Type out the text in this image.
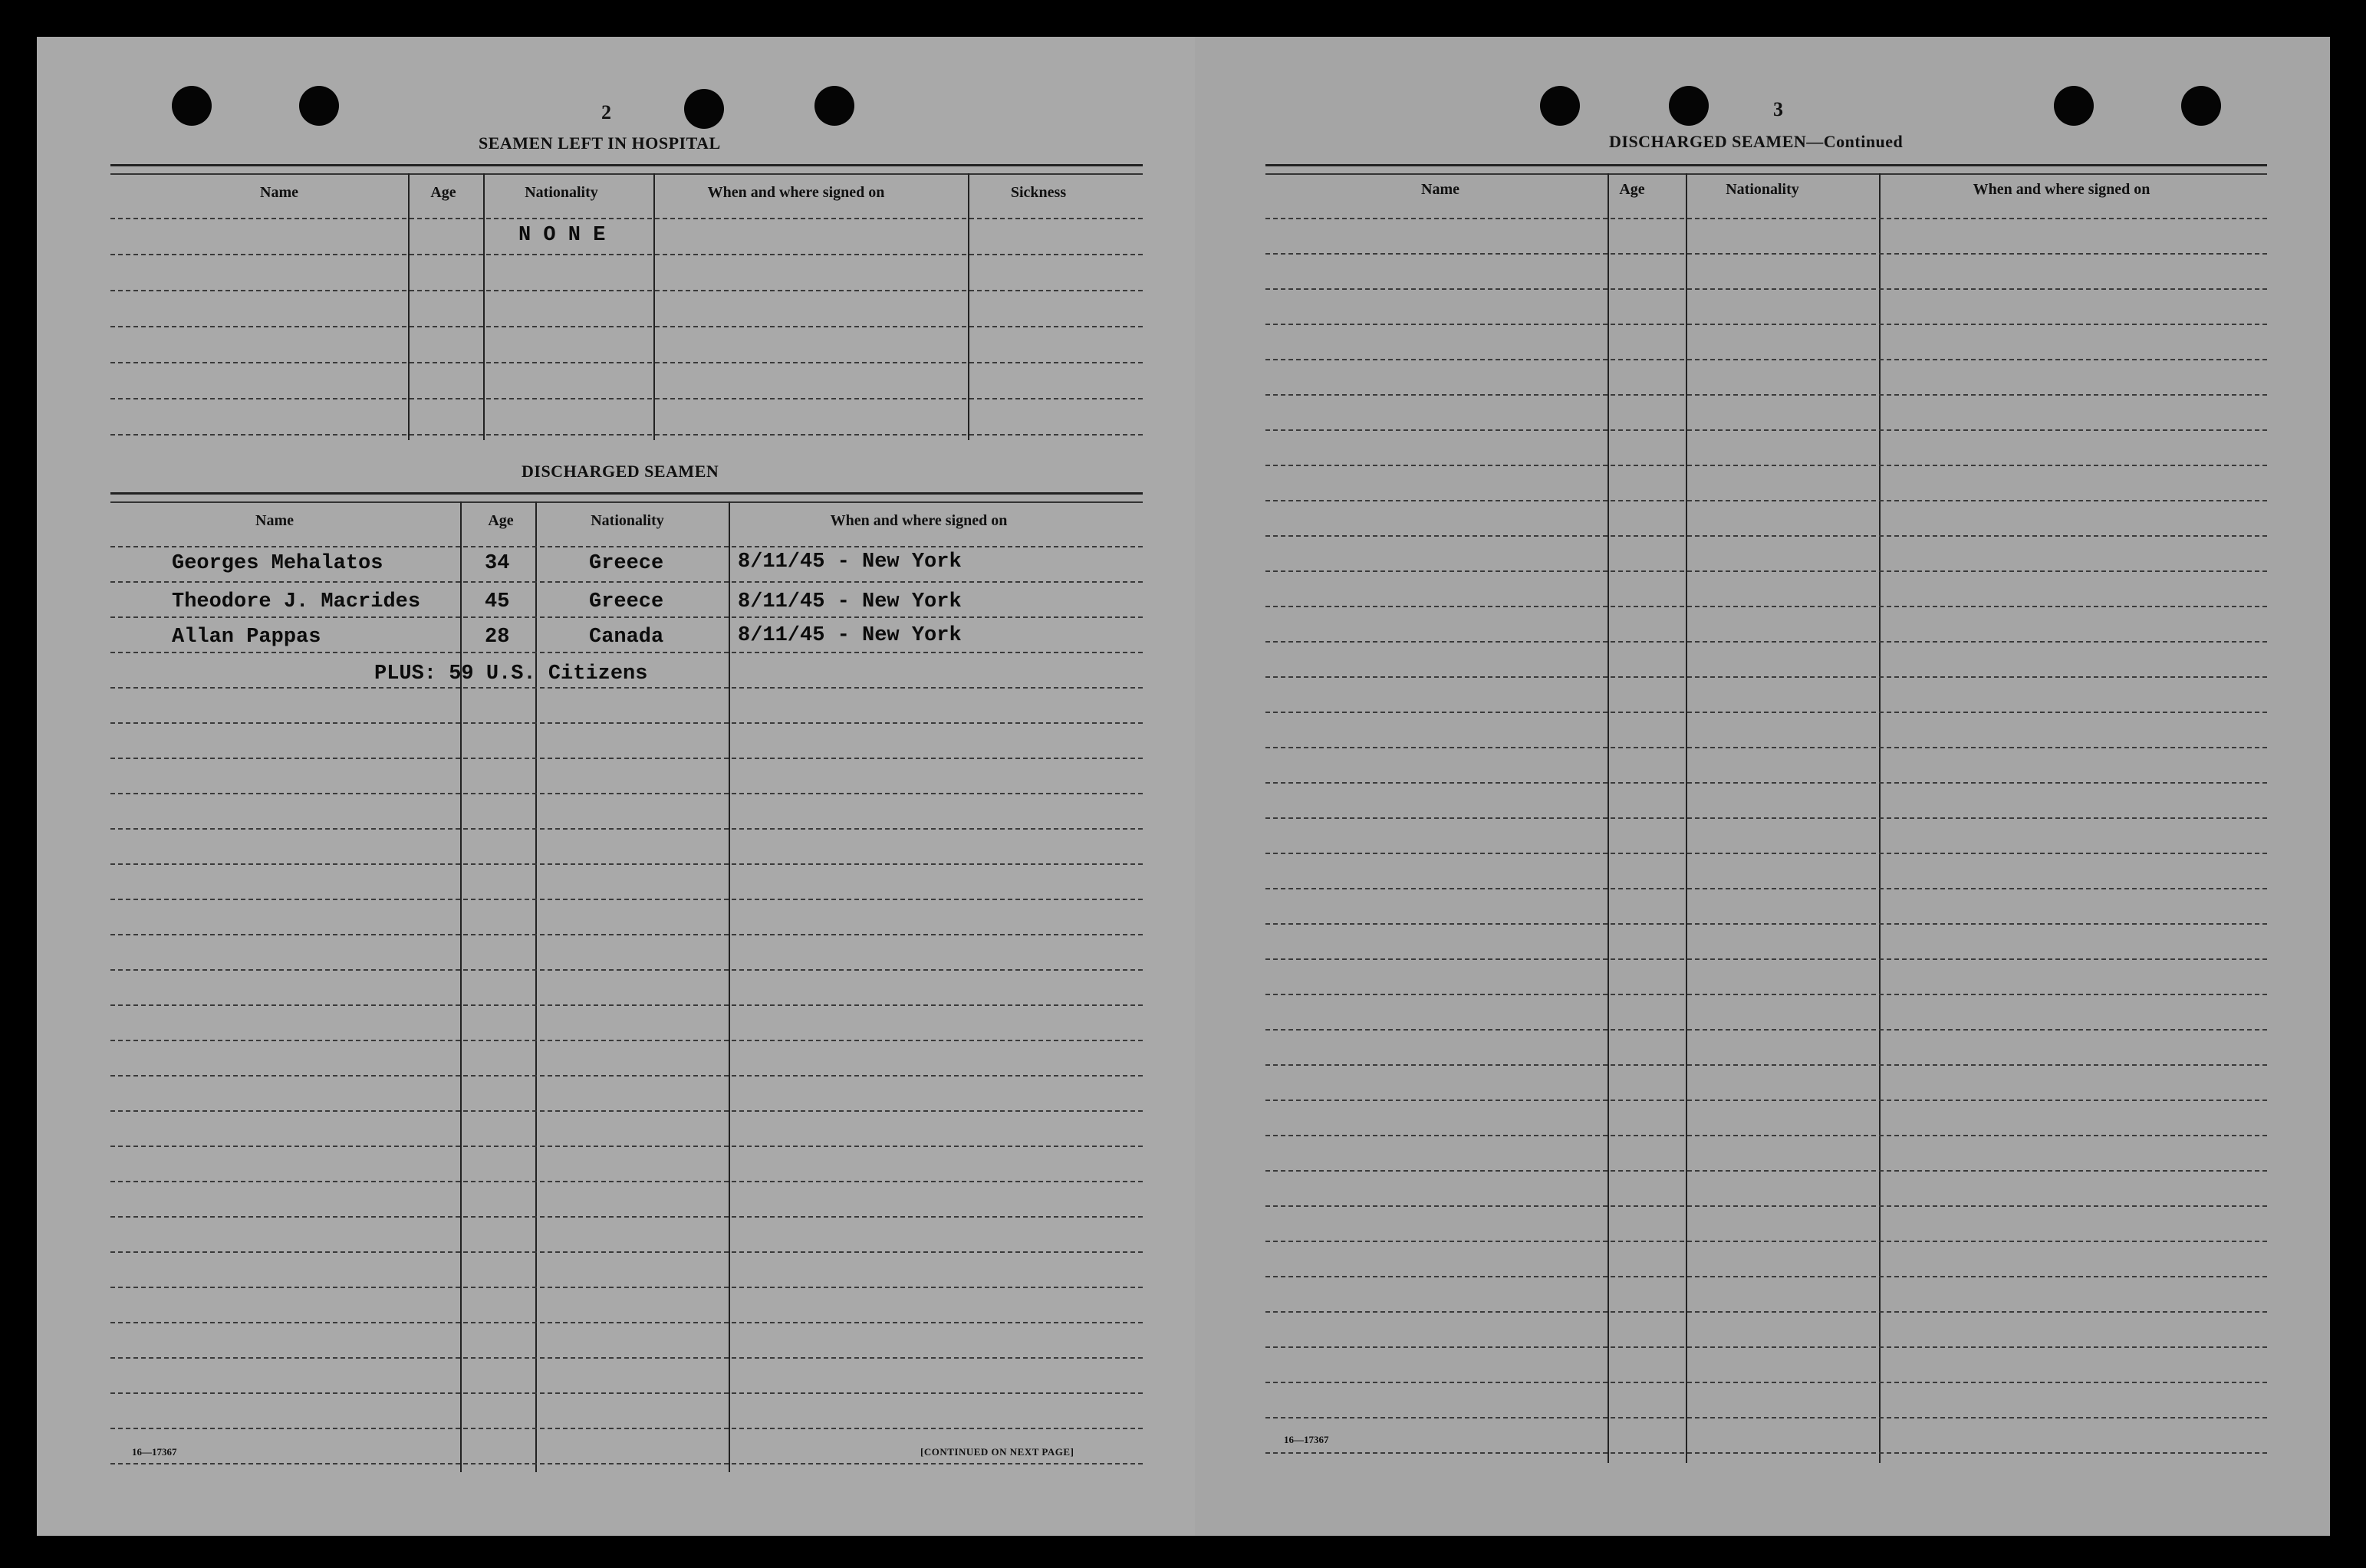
2
SEAMEN LEFT IN HOSPITAL
Name	Age	Nationality	When and where signed on	Sickness
N O N E
DISCHARGED SEAMEN
Name	Age	Nationality	When and where signed on
Georges Mehalatos	34	Greece	8/11/45 - New York
Theodore J. Macrides	45	Greece	8/11/45 - New York
Allan Pappas	28	Canada	8/11/45 - New York
PLUS: 59 U.S. Citizens
16—17367	[CONTINUED ON NEXT PAGE]
3
DISCHARGED SEAMEN—Continued
Name	Age	Nationality	When and where signed on
16—17367
